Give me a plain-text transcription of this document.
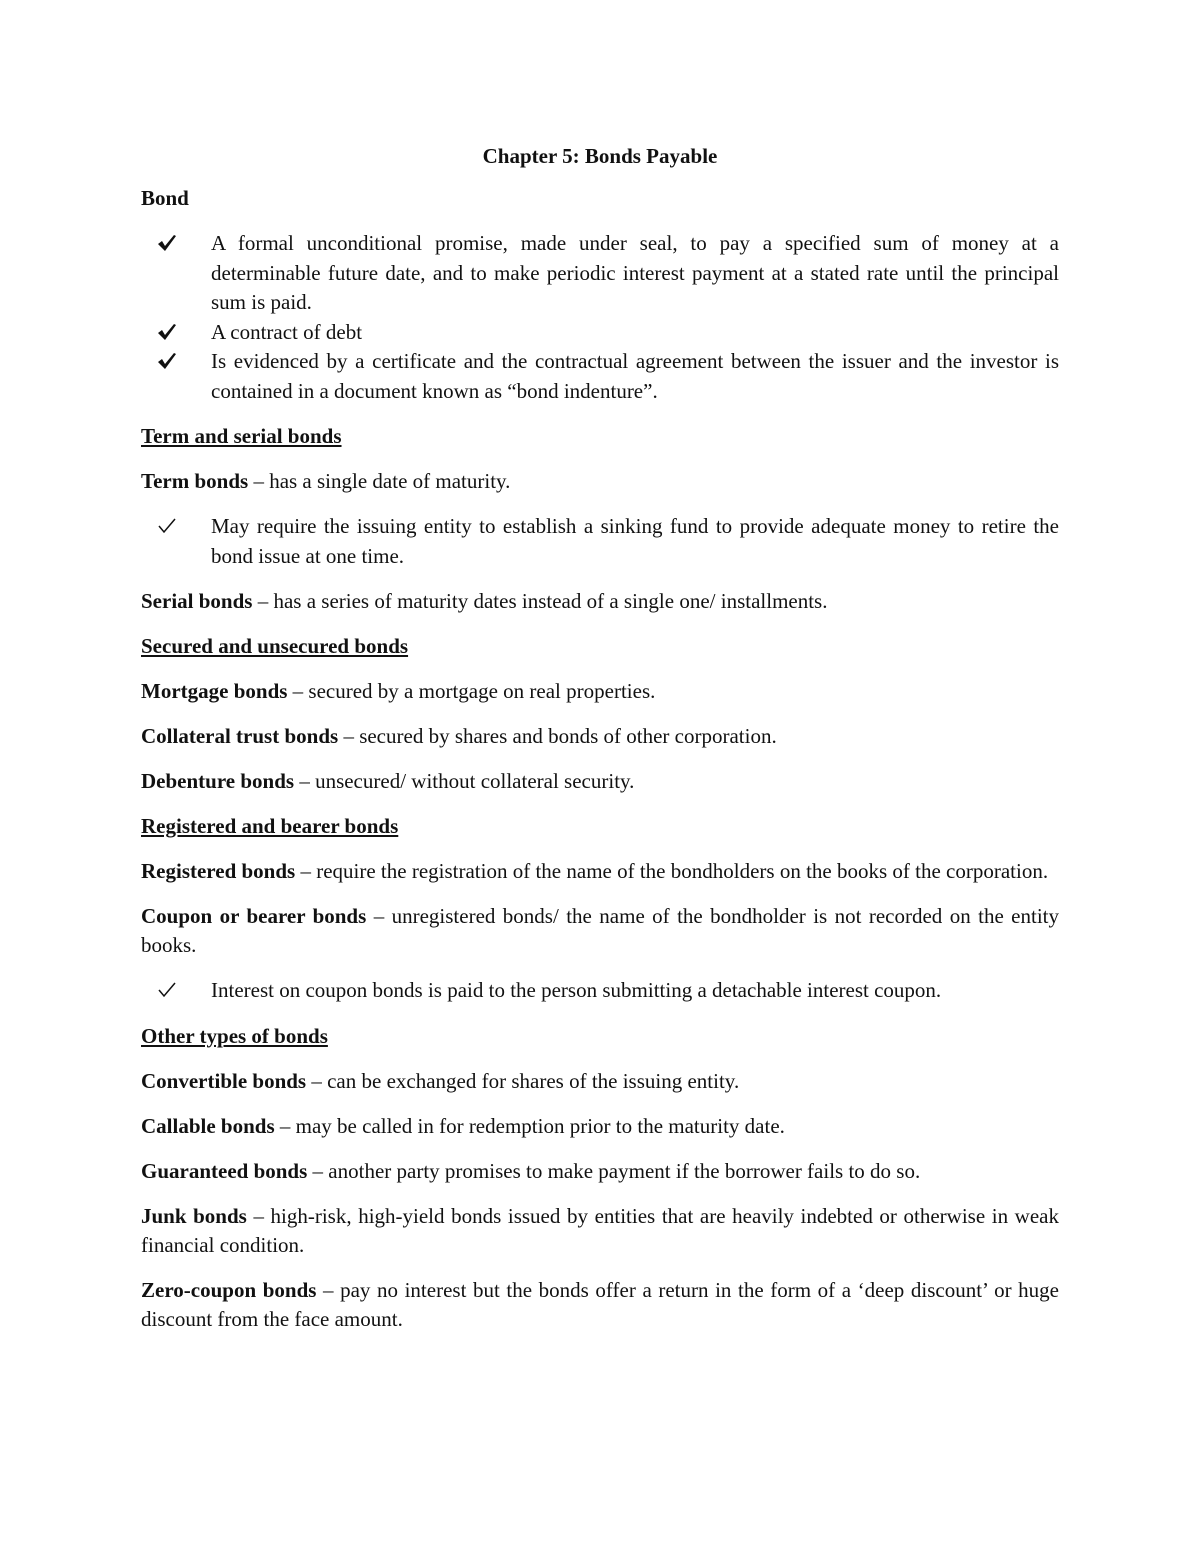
Chapter 5: Bonds Payable
Bond
A formal unconditional promise, made under seal, to pay a specified sum of money at a determinable future date, and to make periodic interest payment at a stated rate until the principal sum is paid.
A contract of debt
Is evidenced by a certificate and the contractual agreement between the issuer and the investor is contained in a document known as “bond indenture”.
Term and serial bonds
Term bonds – has a single date of maturity.
May require the issuing entity to establish a sinking fund to provide adequate money to retire the bond issue at one time.
Serial bonds – has a series of maturity dates instead of a single one/ installments.
Secured and unsecured bonds
Mortgage bonds – secured by a mortgage on real properties.
Collateral trust bonds – secured by shares and bonds of other corporation.
Debenture bonds – unsecured/ without collateral security.
Registered and bearer bonds
Registered bonds – require the registration of the name of the bondholders on the books of the corporation.
Coupon or bearer bonds – unregistered bonds/ the name of the bondholder is not recorded on the entity books.
Interest on coupon bonds is paid to the person submitting a detachable interest coupon.
Other types of bonds
Convertible bonds – can be exchanged for shares of the issuing entity.
Callable bonds – may be called in for redemption prior to the maturity date.
Guaranteed bonds – another party promises to make payment if the borrower fails to do so.
Junk bonds – high-risk, high-yield bonds issued by entities that are heavily indebted or otherwise in weak financial condition.
Zero-coupon bonds – pay no interest but the bonds offer a return in the form of a ‘deep discount’ or huge discount from the face amount.
